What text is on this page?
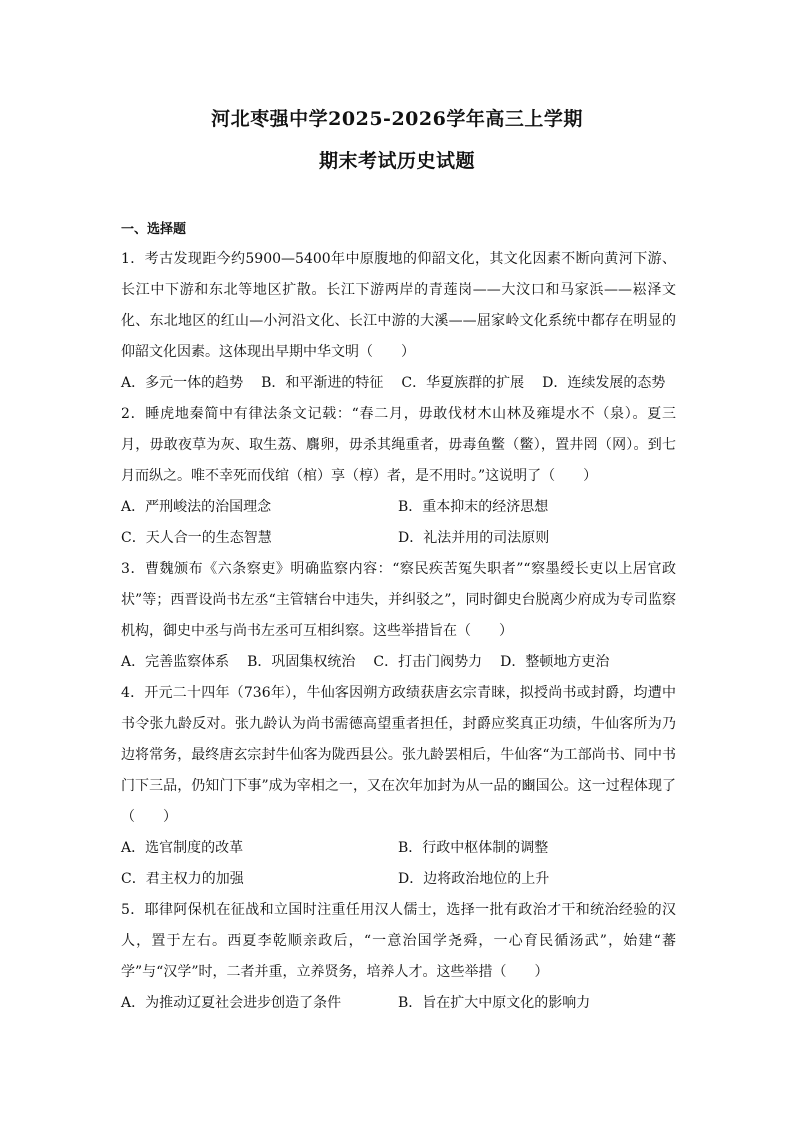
河北枣强中学2025-2026学年高三上学期
期末考试历史试题
一、选择题

1．考古发现距今约5900—5400年中原腹地的仰韶文化，其文化因素不断向黄河下游、长江中下游和东北等地区扩散。长江下游两岸的青莲岗——大汶口和马家浜——崧泽文化、东北地区的红山—小河沿文化、长江中游的大溪——屈家岭文化系统中都存在明显的仰韶文化因素。这体现出早期中华文明（　　）

A．多元一体的趋势 B．和平渐进的特征 C．华夏族群的扩展 D．连续发展的态势

2．睡虎地秦简中有律法条文记载：“春二月，毋敢伐材木山林及雍堤水不（泉）。夏三月，毋敢夜草为灰、取生荔、麛卵，毋杀其绳重者，毋毒鱼鳖（鳖），置井罔（网）。到七月而纵之。唯不幸死而伐绾（棺）享（椁）者，是不用时。”这说明了（　　）

A．严刑峻法的治国理念	B．重本抑末的经济思想
C．天人合一的生态智慧	D．礼法并用的司法原则

3．曹魏颁布《六条察吏》明确监察内容：“察民疾苦冤失职者”“察墨绶长吏以上居官政状”等；西晋设尚书左丞“主管辖台中违失，并纠驳之”，同时御史台脱离少府成为专司监察机构，御史中丞与尚书左丞可互相纠察。这些举措旨在（　　）

A．完善监察体系 B．巩固集权统治 C．打击门阀势力 D．整顿地方吏治

4．开元二十四年（736年），牛仙客因朔方政绩获唐玄宗青睐，拟授尚书或封爵，均遭中书令张九龄反对。张九龄认为尚书需德高望重者担任，封爵应奖真正功绩，牛仙客所为乃边将常务，最终唐玄宗封牛仙客为陇西县公。张九龄罢相后，牛仙客“为工部尚书、同中书门下三品，仍知门下事”成为宰相之一，又在次年加封为从一品的豳国公。这一过程体现了（　　）

A．选官制度的改革	B．行政中枢体制的调整
C．君主权力的加强	D．边将政治地位的上升

5．耶律阿保机在征战和立国时注重任用汉人儒士，选择一批有政治才干和统治经验的汉人，置于左右。西夏李乾顺亲政后，“一意治国学尧舜，一心育民循汤武”，始建“蕃学”与“汉学”时，二者并重，立养贤务，培养人才。这些举措（　　）

A．为推动辽夏社会进步创造了条件	B．旨在扩大中原文化的影响力
